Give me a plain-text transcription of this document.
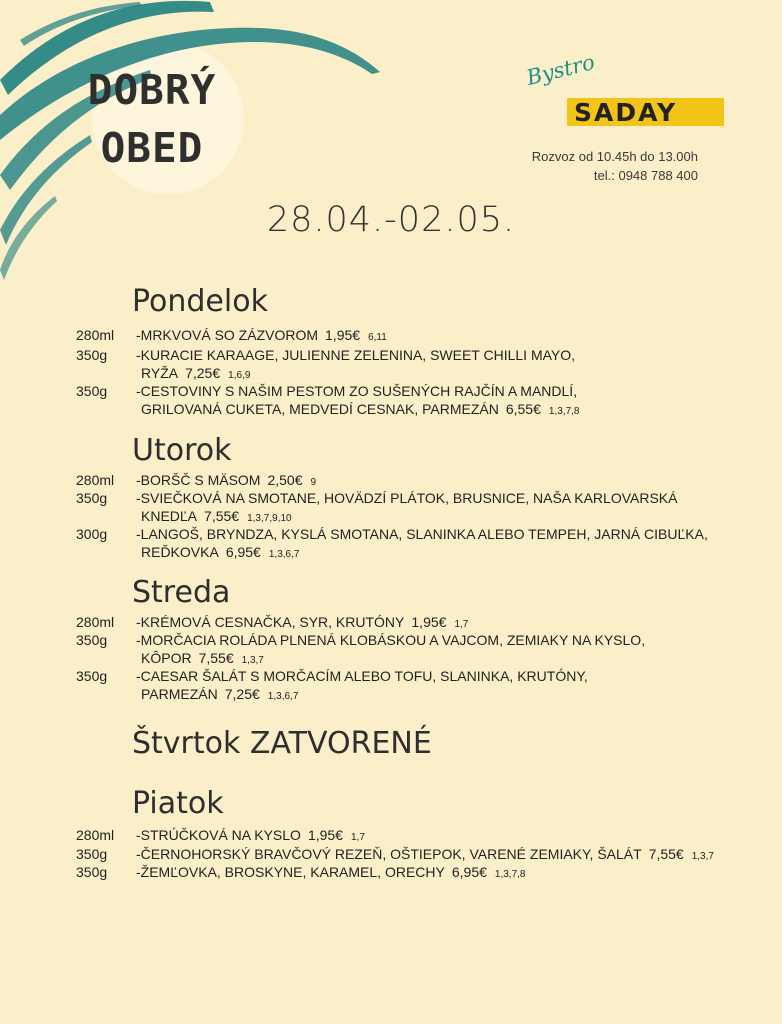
DOBRÝ
OBED
Bystro
SADAY	!
Rozvoz od 10.45h do 13.00h
tel.: 0948 788 400
28.04.-02.05.
Pondelok
280ml	-MRKVOVÁ SO ZÁZVOROM 1,95€ 6,11
350g	-KURACIE KARAAGE, JULIENNE ZELENINA, SWEET CHILLI MAYO,
RYŽA 7,25€ 1,6,9
350g	-CESTOVINY S NAŠIM PESTOM ZO SUŠENÝCH RAJČÍN A MANDLÍ,
GRILOVANÁ CUKETA, MEDVEDÍ CESNAK, PARMEZÁN 6,55€ 1,3,7,8
Utorok
280ml	-BORŠČ S MÄSOM 2,50€ 9
350g	-SVIEČKOVÁ NA SMOTANE, HOVÄDZÍ PLÁTOK, BRUSNICE, NAŠA KARLOVARSKÁ
KNEDĽA 7,55€ 1,3,7,9,10
300g	-LANGOŠ, BRYNDZA, KYSLÁ SMOTANA, SLANINKA ALEBO TEMPEH, JARNÁ CIBUĽKA,
REĎKOVKA 6,95€ 1,3,6,7
Streda
280ml	-KRÉMOVÁ CESNAČKA, SYR, KRUTÓNY 1,95€ 1,7
350g	-MORČACIA ROLÁDA PLNENÁ KLOBÁSKOU A VAJCOM, ZEMIAKY NA KYSLO,
KÔPOR 7,55€ 1,3,7
350g	-CAESAR ŠALÁT S MORČACÍM ALEBO TOFU, SLANINKA, KRUTÓNY,
PARMEZÁN 7,25€ 1,3,6,7
Štvrtok ZATVORENÉ
Piatok
280ml	-STRÚČKOVÁ NA KYSLO 1,95€ 1,7
350g	-ČERNOHORSKÝ BRAVČOVÝ REZEŇ, OŠTIEPOK, VARENÉ ZEMIAKY, ŠALÁT 7,55€ 1,3,7
350g	-ŽEMĽOVKA, BROSKYNE, KARAMEL, ORECHY 6,95€ 1,3,7,8
